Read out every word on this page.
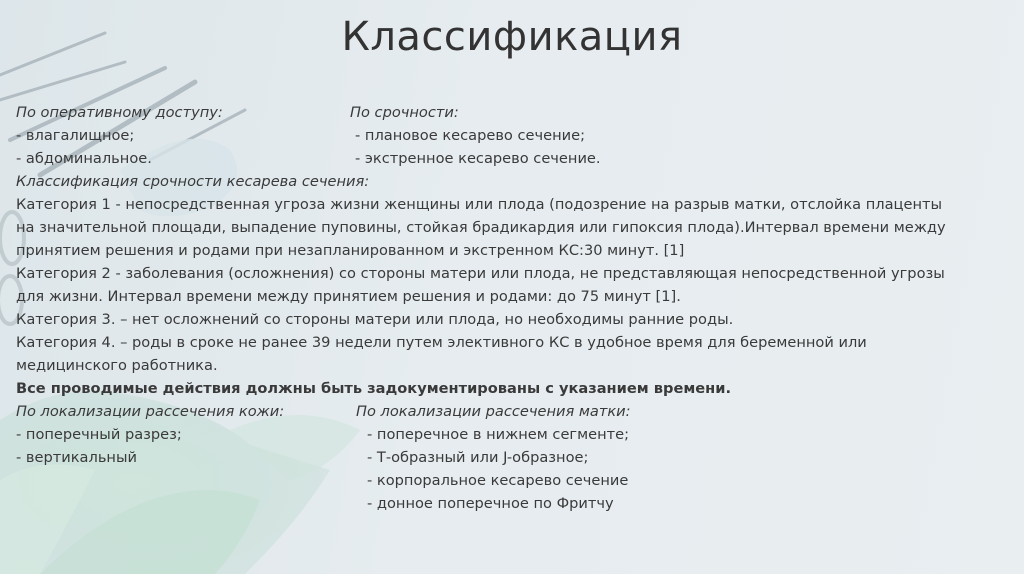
Классификация
По оперативному доступу:	По срочности:
- влагалищное;	- плановое кесарево сечение;
- абдоминальное.	- экстренное кесарево сечение.
Классификация срочности кесарева сечения:
Категория 1 - непосредственная угроза жизни женщины или плода (подозрение на разрыв матки, отслойка плаценты
на значительной площади, выпадение пуповины, стойкая брадикардия или гипоксия плода).Интервал времени между
принятием решения и родами при незапланированном и экстренном КС:30 минут. [1]
Категория 2 - заболевания (осложнения) со стороны матери или плода, не представляющая непосредственной угрозы
для жизни. Интервал времени между принятием решения и родами: до 75 минут [1].
Категория 3. – нет осложнений со стороны матери или плода, но необходимы ранние роды.
Категория 4. – роды в сроке не ранее 39 недели путем элективного КС в удобное время для беременной или
медицинского работника.
Все проводимые действия должны быть задокументированы с указанием времени.
По локализации рассечения кожи:	По локализации рассечения матки:
- поперечный разрез;	- поперечное в нижнем сегменте;
- вертикальный	- Т-образный или J-образное;
- корпоральное кесарево сечение
- донное поперечное по Фритчу
